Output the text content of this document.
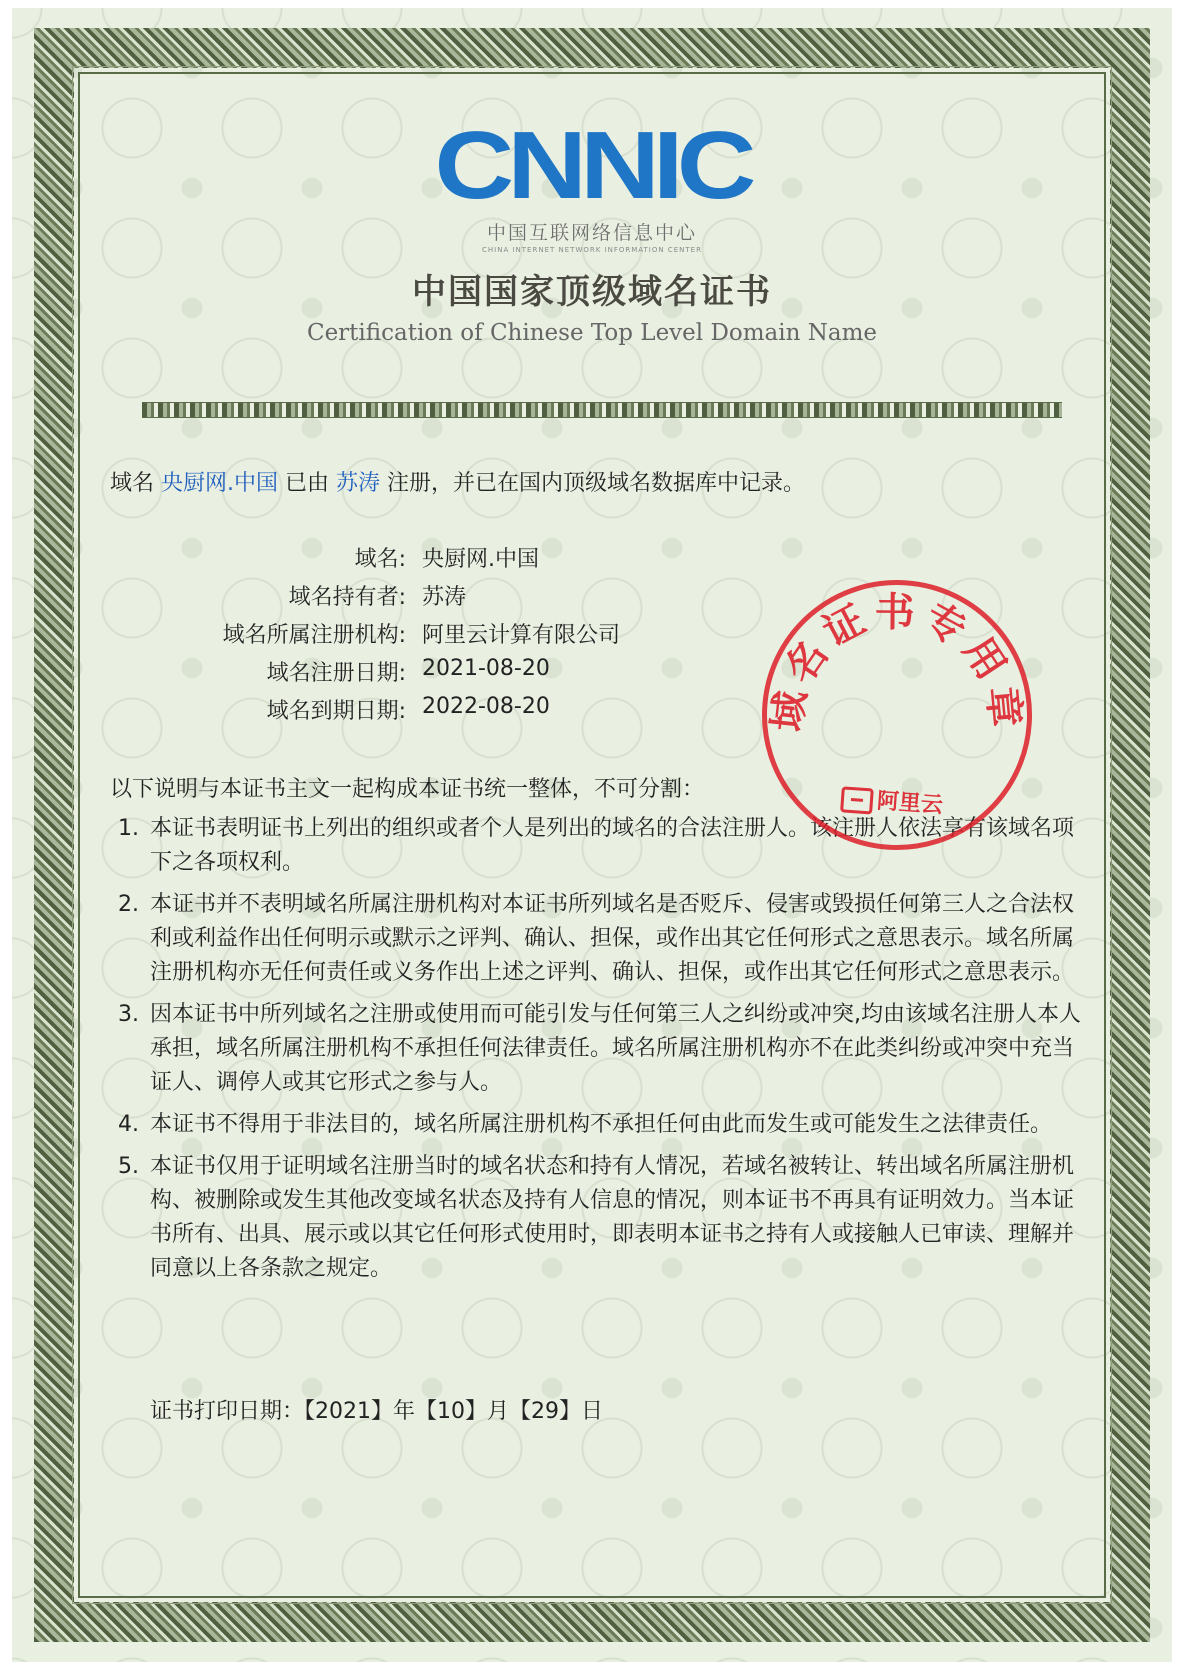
CNNIC
中国互联网络信息中心
CHINA INTERNET NETWORK INFORMATION CENTER
中国国家顶级域名证书
Certification of Chinese Top Level Domain Name
域名 央厨网.中国 已由 苏涛 注册，并已在国内顶级域名数据库中记录。
域名: 央厨网.中国
域名持有者: 苏涛
域名所属注册机构: 阿里云计算有限公司
域名注册日期: 2021-08-20
域名到期日期: 2022-08-20
以下说明与本证书主文一起构成本证书统一整体，不可分割：
1. 本证书表明证书上列出的组织或者个人是列出的域名的合法注册人。该注册人依法享有该域名项下之各项权利。
2. 本证书并不表明域名所属注册机构对本证书所列域名是否贬斥、侵害或毁损任何第三人之合法权利或利益作出任何明示或默示之评判、确认、担保，或作出其它任何形式之意思表示。域名所属注册机构亦无任何责任或义务作出上述之评判、确认、担保，或作出其它任何形式之意思表示。
3. 因本证书中所列域名之注册或使用而可能引发与任何第三人之纠纷或冲突,均由该域名注册人本人承担，域名所属注册机构不承担任何法律责任。域名所属注册机构亦不在此类纠纷或冲突中充当证人、调停人或其它形式之参与人。
4. 本证书不得用于非法目的，域名所属注册机构不承担任何由此而发生或可能发生之法律责任。
5. 本证书仅用于证明域名注册当时的域名状态和持有人情况，若域名被转让、转出域名所属注册机构、被删除或发生其他改变域名状态及持有人信息的情况，则本证书不再具有证明效力。当本证书所有、出具、展示或以其它任何形式使用时，即表明本证书之持有人或接触人已审读、理解并同意以上各条款之规定。
证书打印日期：【2021】年【10】月【29】日
域名证书专用章
阿里云
